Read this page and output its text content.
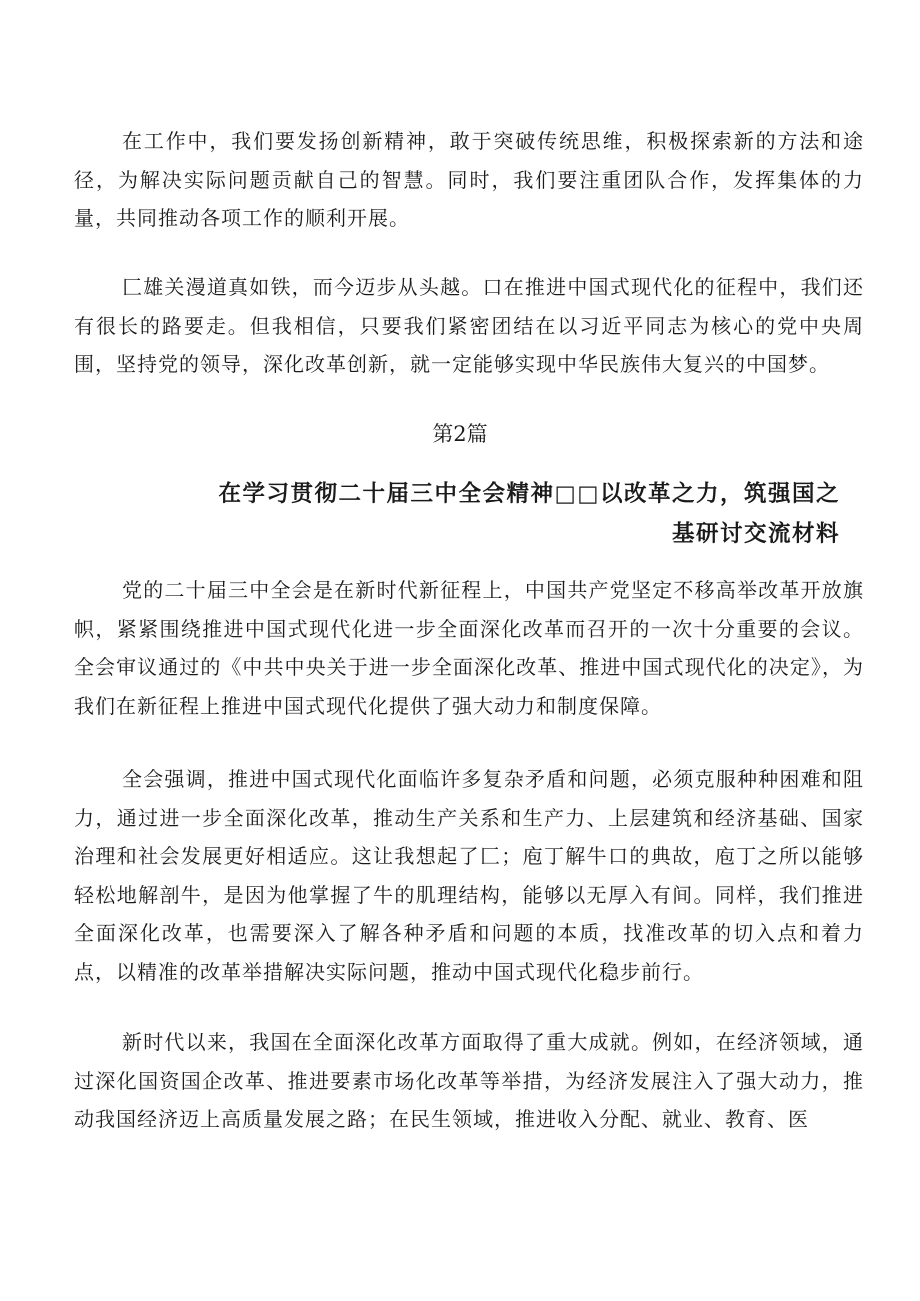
在工作中，我们要发扬创新精神，敢于突破传统思维，积极探索新的方法和途径，为解决实际问题贡献自己的智慧。同时，我们要注重团队合作，发挥集体的力量，共同推动各项工作的顺利开展。

匚雄关漫道真如铁，而今迈步从头越。口在推进中国式现代化的征程中，我们还有很长的路要走。但我相信，只要我们紧密团结在以习近平同志为核心的党中央周围，坚持党的领导，深化改革创新，就一定能够实现中华民族伟大复兴的中国梦。

第2篇

在学习贯彻二十届三中全会精神□□以改革之力，筑强国之
基研讨交流材料

党的二十届三中全会是在新时代新征程上，中国共产党坚定不移高举改革开放旗帜，紧紧围绕推进中国式现代化进一步全面深化改革而召开的一次十分重要的会议。全会审议通过的《中共中央关于进一步全面深化改革、推进中国式现代化的决定》，为我们在新征程上推进中国式现代化提供了强大动力和制度保障。

全会强调，推进中国式现代化面临许多复杂矛盾和问题，必须克服种种困难和阻力，通过进一步全面深化改革，推动生产关系和生产力、上层建筑和经济基础、国家治理和社会发展更好相适应。这让我想起了匚；庖丁解牛口的典故，庖丁之所以能够轻松地解剖牛，是因为他掌握了牛的肌理结构，能够以无厚入有间。同样，我们推进全面深化改革，也需要深入了解各种矛盾和问题的本质，找准改革的切入点和着力点，以精准的改革举措解决实际问题，推动中国式现代化稳步前行。

新时代以来，我国在全面深化改革方面取得了重大成就。例如，在经济领域，通过深化国资国企改革、推进要素市场化改革等举措，为经济发展注入了强大动力，推动我国经济迈上高质量发展之路；在民生领域，推进收入分配、就业、教育、医
